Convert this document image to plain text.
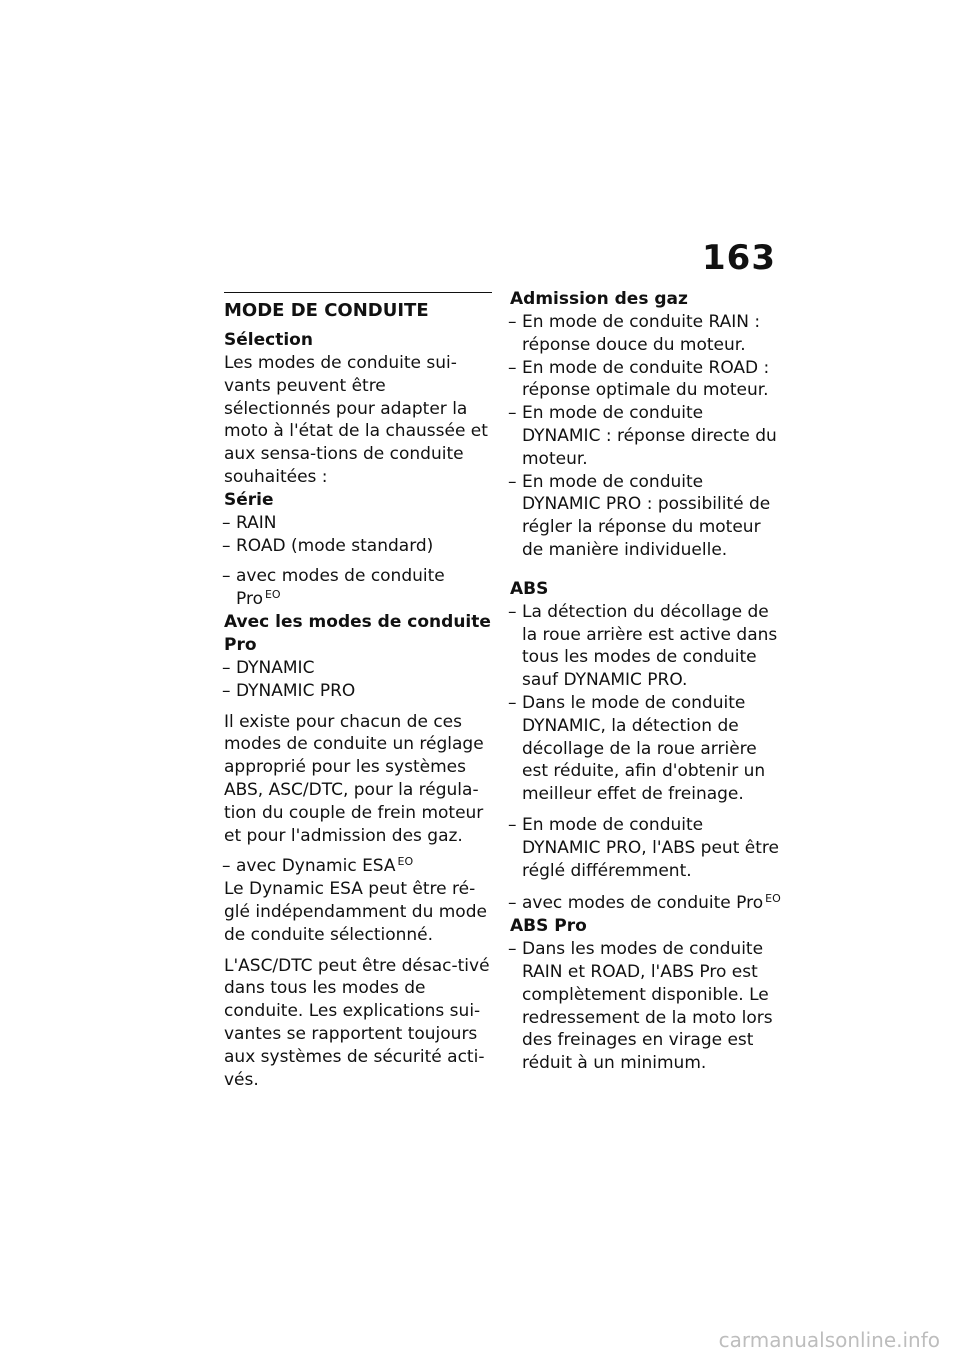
163
MODE DE CONDUITE
Sélection

Les modes de conduite sui-vants peuvent être sélectionnés pour adapter la moto à l'état de la chaussée et aux sensa-tions de conduite souhaitées :

Série
– RAIN
– ROAD (mode standard)

– avec modes de conduite Pro $^{EO}$

Avec les modes de conduite Pro
– DYNAMIC
– DYNAMIC PRO

Il existe pour chacun de ces modes de conduite un réglage approprié pour les systèmes ABS, ASC/DTC, pour la régula-tion du couple de frein moteur et pour l'admission des gaz.

– avec Dynamic ESA $^{EO}$

Le Dynamic ESA peut être ré-glé indépendamment du mode de conduite sélectionné.

L'ASC/DTC peut être désac-tivé dans tous les modes de conduite. Les explications sui-vantes se rapportent toujours aux systèmes de sécurité acti-vés.

Admission des gaz
– En mode de conduite RAIN : réponse douce du moteur.
– En mode de conduite ROAD : réponse optimale du moteur.
– En mode de conduite DYNAMIC : réponse directe du moteur.
– En mode de conduite DYNAMIC PRO : possibilité de régler la réponse du moteur de manière individuelle.
ABS
– La détection du décollage de la roue arrière est active dans tous les modes de conduite sauf DYNAMIC PRO.
– Dans le mode de conduite DYNAMIC, la détection de décollage de la roue arrière est réduite, afin d'obtenir un meilleur effet de freinage.
– En mode de conduite DYNAMIC PRO, l'ABS peut être réglé différemment.

– avec modes de conduite Pro $^{EO}$

ABS Pro
– Dans les modes de conduite RAIN et ROAD, l'ABS Pro est complètement disponible. Le redressement de la moto lors des freinages en virage est réduit à un minimum.
carmanualsonline.info
